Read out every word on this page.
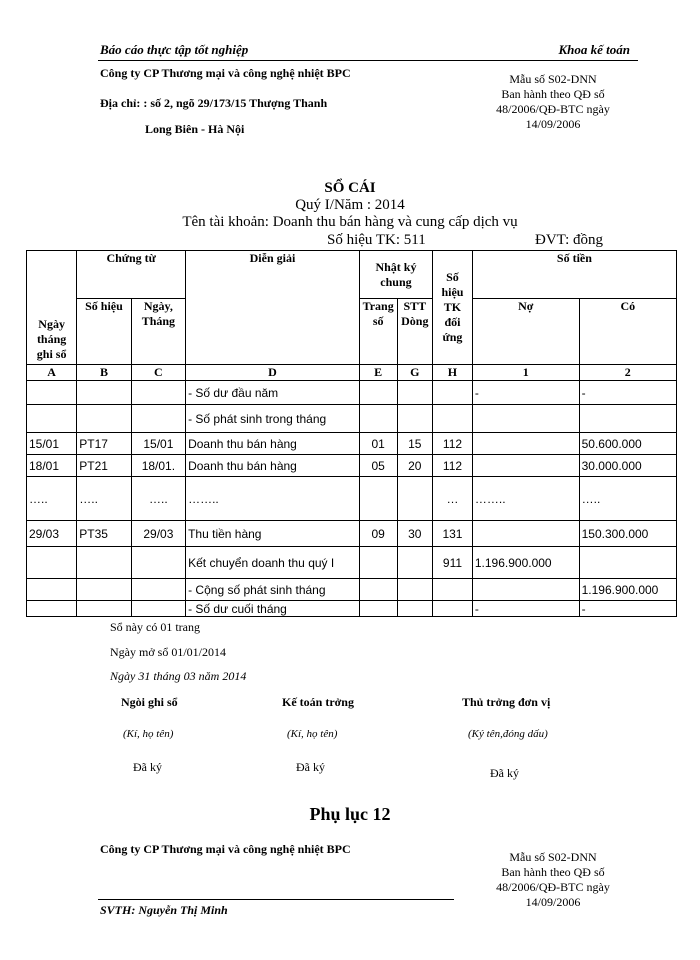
Báo cáo thực tập tốt nghiệp	Khoa kế toán
Công ty CP Thương mại và công nghệ nhiệt BPC
Địa chỉ: : số 2, ngõ 29/173/15 Thượng Thanh
Long Biên - Hà Nội
Mẫu số S02-DNN
Ban hành theo QĐ số
48/2006/QĐ-BTC ngày
14/09/2006
SỔ CÁI
Quý I/Năm : 2014
Tên tài khoản: Doanh thu bán hàng và cung cấp dịch vụ
Số hiệu TK: 511	ĐVT: đồng
Ngày tháng ghi sổ	Chứng từ		Diễn giải	Nhật ký chung		Số hiệu TK đối ứng	Số tiền	
	Số hiệu	Ngày, Tháng		Trang số	STT Dòng		Nợ	Có
A	B	C	D	E	G	H	1	2
			- Số dư đầu năm				-	-
			- Số phát sinh trong tháng					
15/01	PT17	15/01	Doanh thu bán hàng	01	15	112		50.600.000
18/01	PT21	18/01.	Doanh thu bán hàng	05	20	112		30.000.000
…..	…..	…..	……..			…	……..	…..
29/03	PT35	29/03	Thu tiền hàng	09	30	131		150.300.000
			Kết chuyển doanh thu quý I			911	1.196.900.000	
			- Cộng số phát sinh tháng					1.196.900.000
			- Số dư cuối tháng				-	-
Sổ này có 01 trang
Ngày mở sổ 01/01/2014
Ngày 31 tháng 03 năm 2014
Ngòi ghi sổ
(Kí, họ tên)
Đã ký
Kế toán trởng
(Kí, họ tên)
Đã ký
Thủ trởng đơn vị
(Ký tên,đóng dấu)
Đã ký
Phụ lục 12
Công ty CP Thương mại và công nghệ nhiệt BPC
Mẫu số S02-DNN
Ban hành theo QĐ số
48/2006/QĐ-BTC ngày
14/09/2006
SVTH: Nguyễn Thị Minh
